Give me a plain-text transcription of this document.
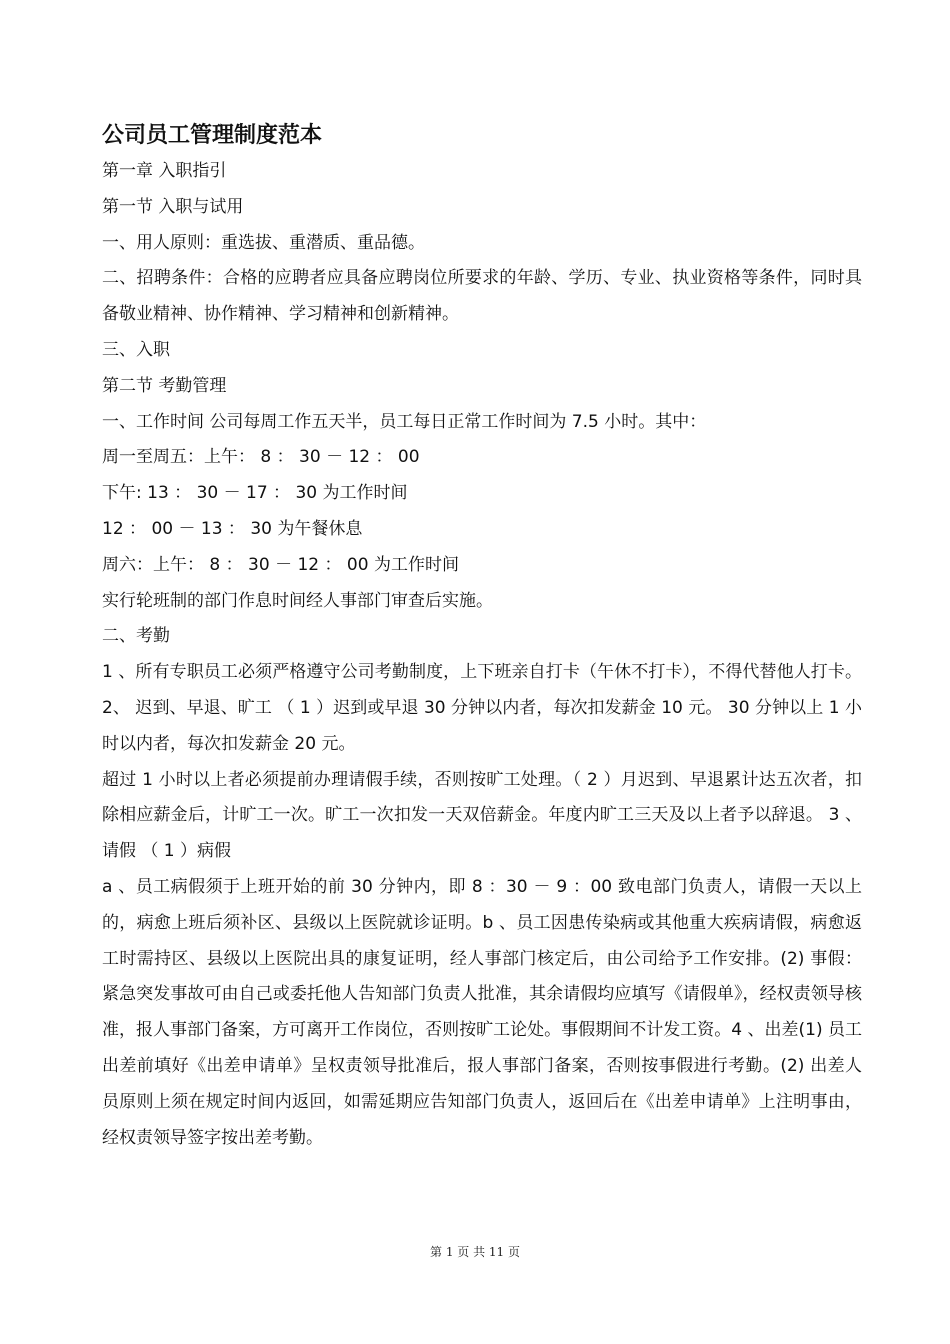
公司员工管理制度范本
第一章 入职指引
第一节 入职与试用
一、用人原则：重选拔、重潜质、重品德。
二、招聘条件：合格的应聘者应具备应聘岗位所要求的年龄、学历、专业、执业资格等条件，同时具备敬业精神、协作精神、学习精神和创新精神。
三、入职
第二节 考勤管理
一、工作时间 公司每周工作五天半，员工每日正常工作时间为 7.5 小时。其中：
周一至周五：上午： 8 ： 30 － 12 ： 00
下午: 13 ： 30 － 17 ： 30 为工作时间
12 ： 00 － 13 ： 30 为午餐休息
周六：上午： 8 ： 30 － 12 ： 00 为工作时间
实行轮班制的部门作息时间经人事部门审查后实施。
二、考勤
1 、所有专职员工必须严格遵守公司考勤制度，上下班亲自打卡（午休不打卡），不得代替他人打卡。 2、 迟到、早退、旷工 （ 1 ）迟到或早退 30 分钟以内者，每次扣发薪金 10 元。 30 分钟以上 1 小时以内者，每次扣发薪金 20 元。
超过 1 小时以上者必须提前办理请假手续，否则按旷工处理。（ 2 ）月迟到、早退累计达五次者，扣除相应薪金后，计旷工一次。旷工一次扣发一天双倍薪金。年度内旷工三天及以上者予以辞退。 3 、请假 （ 1 ）病假
a 、员工病假须于上班开始的前 30 分钟内，即 8 ：30 － 9 ：00 致电部门负责人，请假一天以上的，病愈上班后须补区、县级以上医院就诊证明。b 、员工因患传染病或其他重大疾病请假，病愈返工时需持区、县级以上医院出具的康复证明，经人事部门核定后，由公司给予工作安排。(2) 事假：紧急突发事故可由自己或委托他人告知部门负责人批准，其余请假均应填写《请假单》，经权责领导核准，报人事部门备案，方可离开工作岗位，否则按旷工论处。事假期间不计发工资。4 、出差(1) 员工出差前填好《出差申请单》呈权责领导批准后，报人事部门备案，否则按事假进行考勤。(2) 出差人员原则上须在规定时间内返回，如需延期应告知部门负责人，返回后在《出差申请单》上注明事由，经权责领导签字按出差考勤。
第 1 页 共 11 页
